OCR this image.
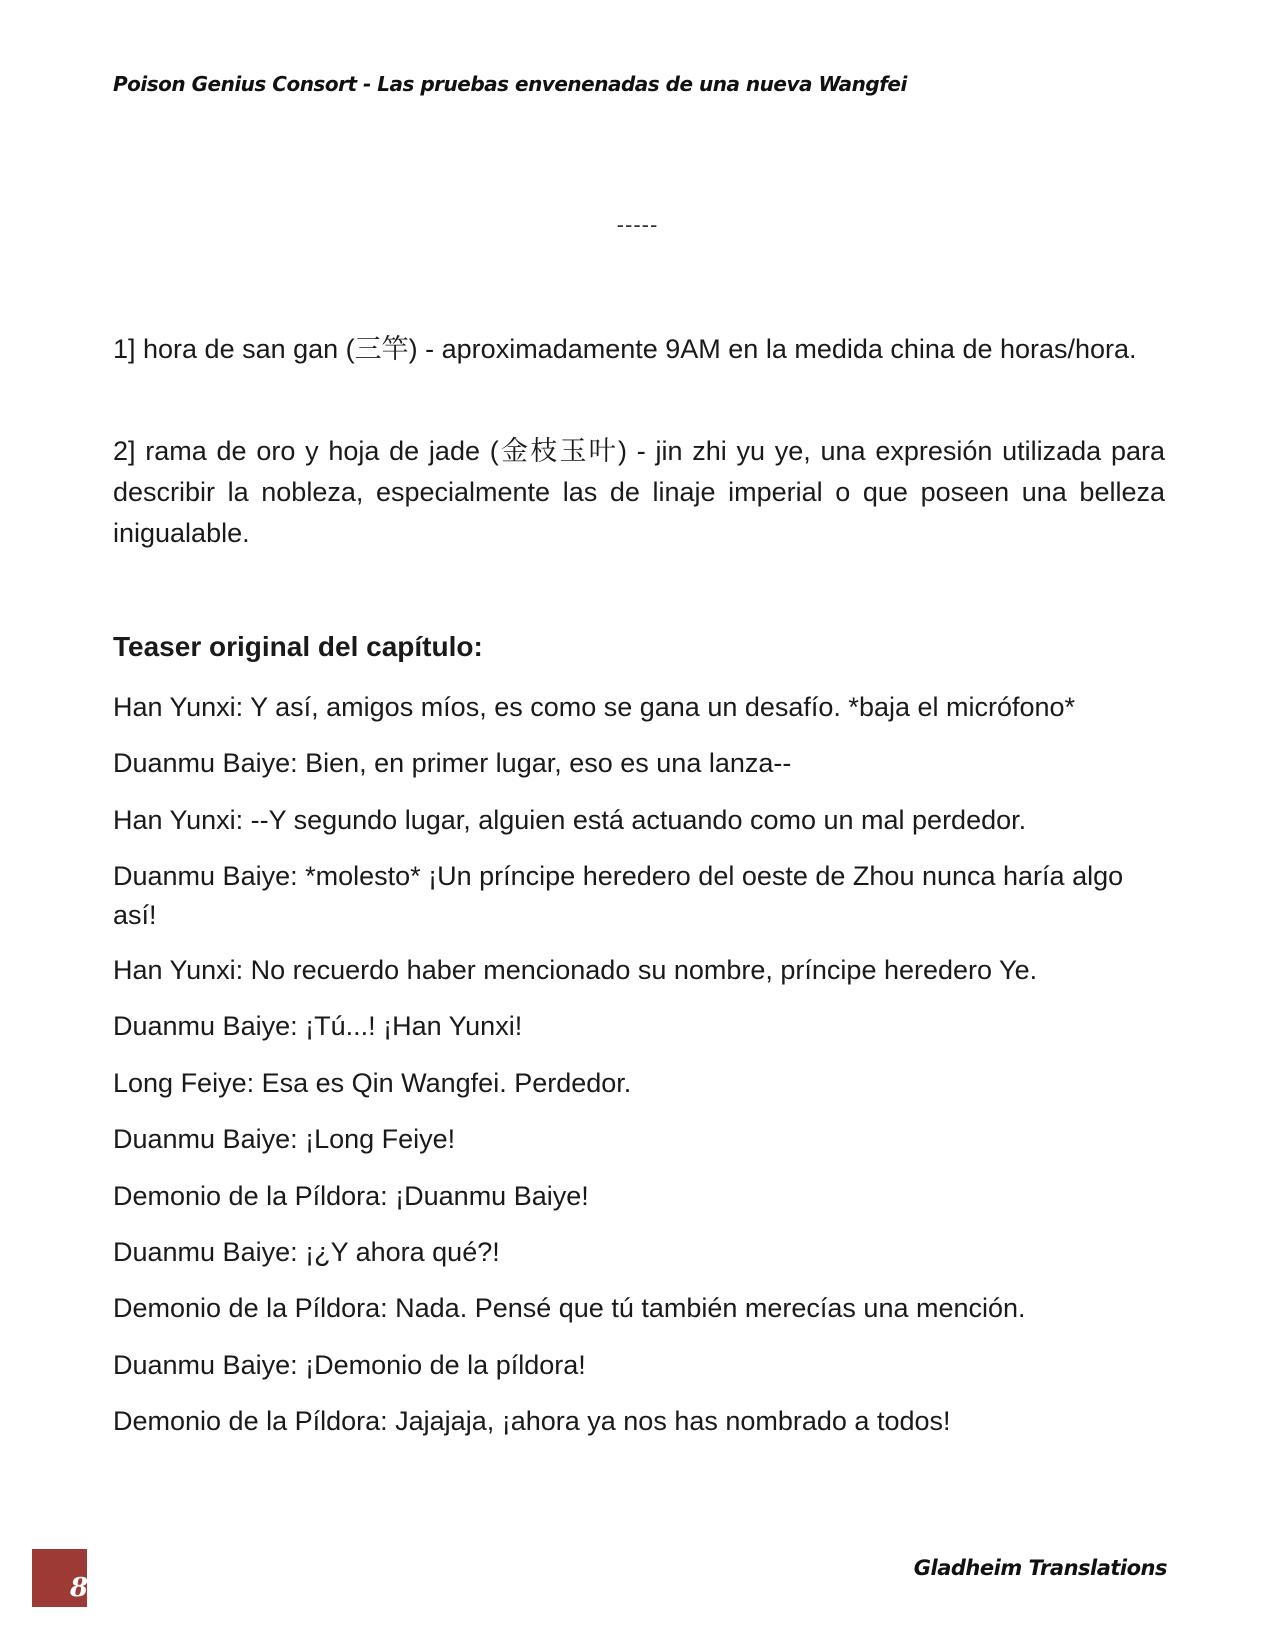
Poison Genius Consort - Las pruebas envenenadas de una nueva Wangfei
-----
1] hora de san gan (三竿) - aproximadamente 9AM en la medida china de horas/hora.
2] rama de oro y hoja de jade (金枝玉叶) - jin zhi yu ye, una expresión utilizada para describir la nobleza, especialmente las de linaje imperial o que poseen una belleza inigualable.
Teaser original del capítulo:
Han Yunxi: Y así, amigos míos, es como se gana un desafío. *baja el micrófono*
Duanmu Baiye: Bien, en primer lugar, eso es una lanza--
Han Yunxi: --Y segundo lugar, alguien está actuando como un mal perdedor.
Duanmu Baiye: *molesto* ¡Un príncipe heredero del oeste de Zhou nunca haría algo así!
Han Yunxi: No recuerdo haber mencionado su nombre, príncipe heredero Ye.
Duanmu Baiye: ¡Tú...! ¡Han Yunxi!
Long Feiye: Esa es Qin Wangfei. Perdedor.
Duanmu Baiye: ¡Long Feiye!
Demonio de la Píldora: ¡Duanmu Baiye!
Duanmu Baiye: ¡¿Y ahora qué?!
Demonio de la Píldora: Nada. Pensé que tú también merecías una mención.
Duanmu Baiye: ¡Demonio de la píldora!
Demonio de la Píldora: Jajajaja, ¡ahora ya nos has nombrado a todos!
8
Gladheim Translations
